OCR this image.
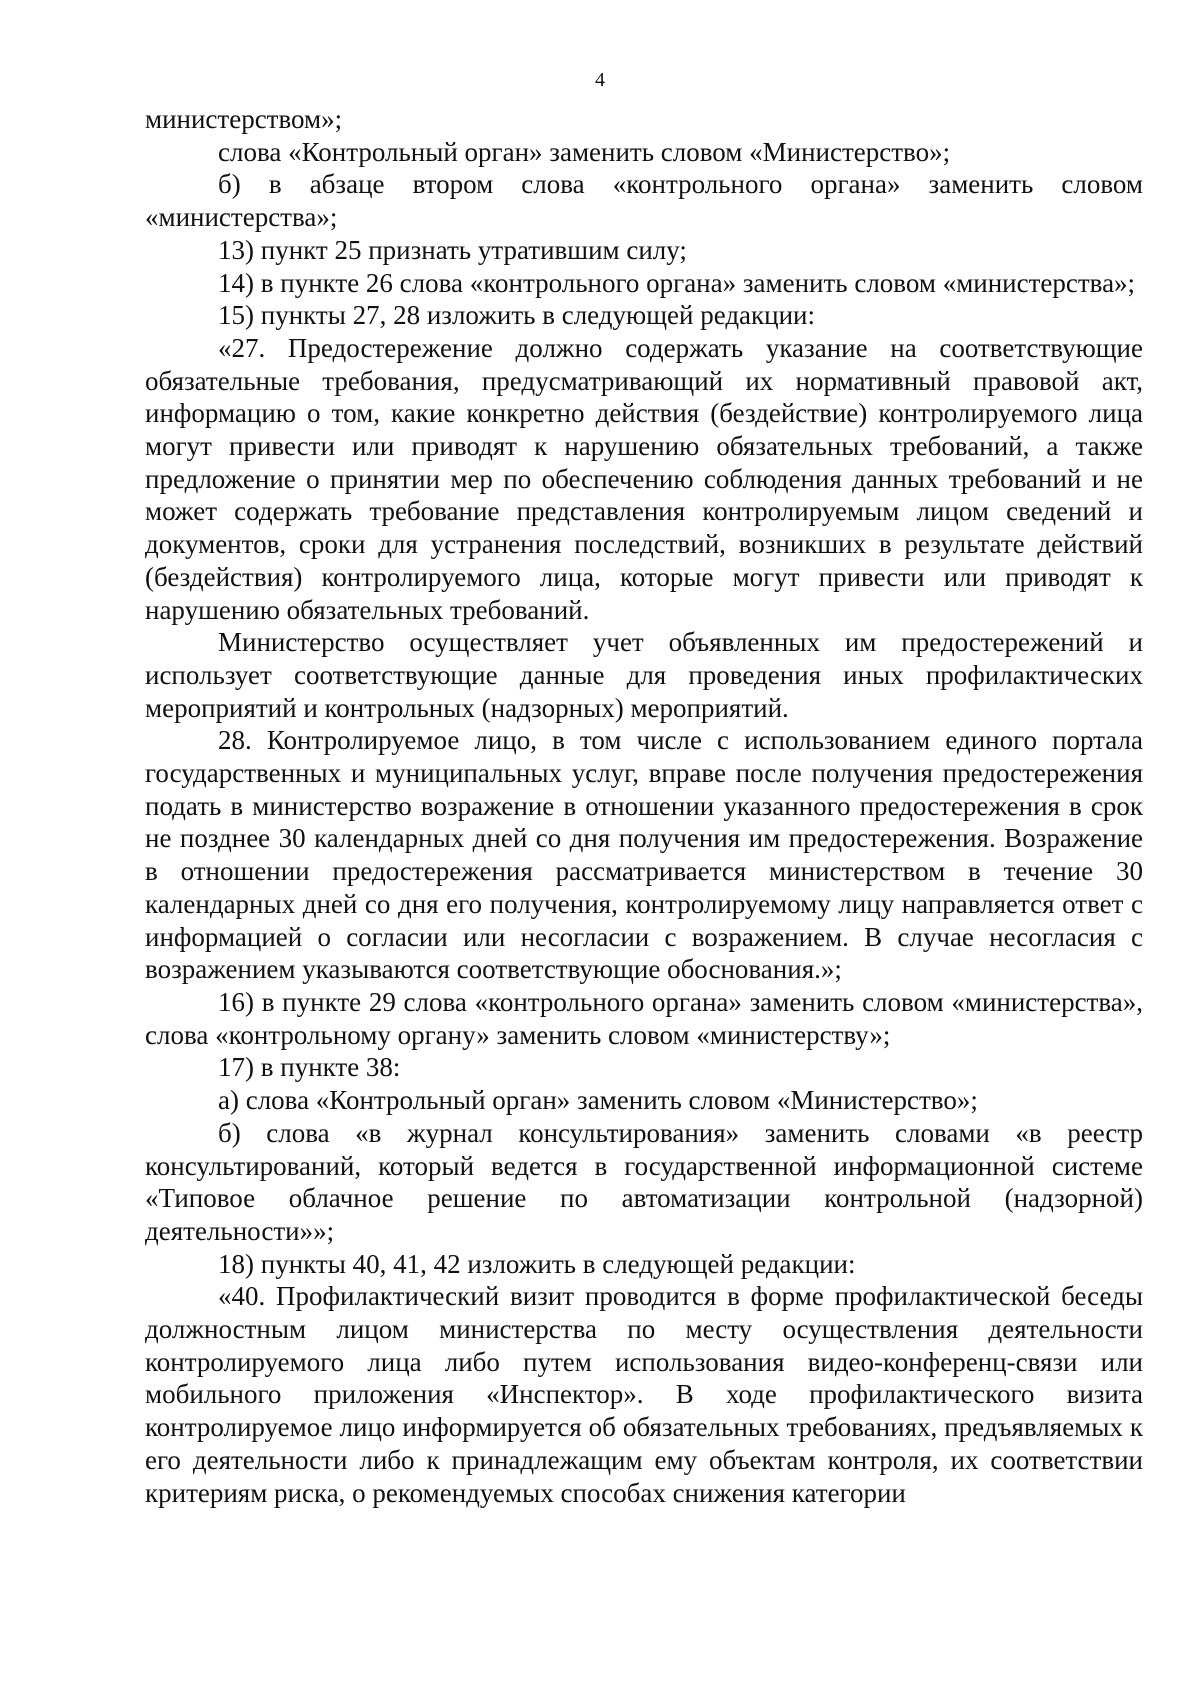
4

министерством»;

слова «Контрольный орган» заменить словом «Министерство»;

б) в абзаце втором слова «контрольного органа» заменить словом «министерства»;

13) пункт 25 признать утратившим силу;

14) в пункте 26 слова «контрольного органа» заменить словом «министерства»;

15) пункты 27, 28 изложить в следующей редакции:

«27. Предостережение должно содержать указание на соответствующие обязательные требования, предусматривающий их нормативный правовой акт, информацию о том, какие конкретно действия (бездействие) контролируемого лица могут привести или приводят к нарушению обязательных требований, а также предложение о принятии мер по обеспечению соблюдения данных требований и не может содержать требование представления контролируемым лицом сведений и документов, сроки для устранения последствий, возникших в результате действий (бездействия) контролируемого лица, которые могут привести или приводят к нарушению обязательных требований.

Министерство осуществляет учет объявленных им предостережений и использует соответствующие данные для проведения иных профилактических мероприятий и контрольных (надзорных) мероприятий.

28. Контролируемое лицо, в том числе с использованием единого портала государственных и муниципальных услуг, вправе после получения предостережения подать в министерство возражение в отношении указанного предостережения в срок не позднее 30 календарных дней со дня получения им предостережения. Возражение в отношении предостережения рассматривается министерством в течение 30 календарных дней со дня его получения, контролируемому лицу направляется ответ с информацией о согласии или несогласии с возражением. В случае несогласия с возражением указываются соответствующие обоснования.»;

16) в пункте 29 слова «контрольного органа» заменить словом «министерства», слова «контрольному органу» заменить словом «министерству»;

17) в пункте 38:

а) слова «Контрольный орган» заменить словом «Министерство»;

б) слова «в журнал консультирования» заменить словами «в реестр консультирований, который ведется в государственной информационной системе «Типовое облачное решение по автоматизации контрольной (надзорной) деятельности»»;

18) пункты 40, 41, 42 изложить в следующей редакции:

«40. Профилактический визит проводится в форме профилактической беседы должностным лицом министерства по месту осуществления деятельности контролируемого лица либо путем использования видео-конференц-связи или мобильного приложения «Инспектор». В ходе профилактического визита контролируемое лицо информируется об обязательных требованиях, предъявляемых к его деятельности либо к принадлежащим ему объектам контроля, их соответствии критериям риска, о рекомендуемых способах снижения категории
